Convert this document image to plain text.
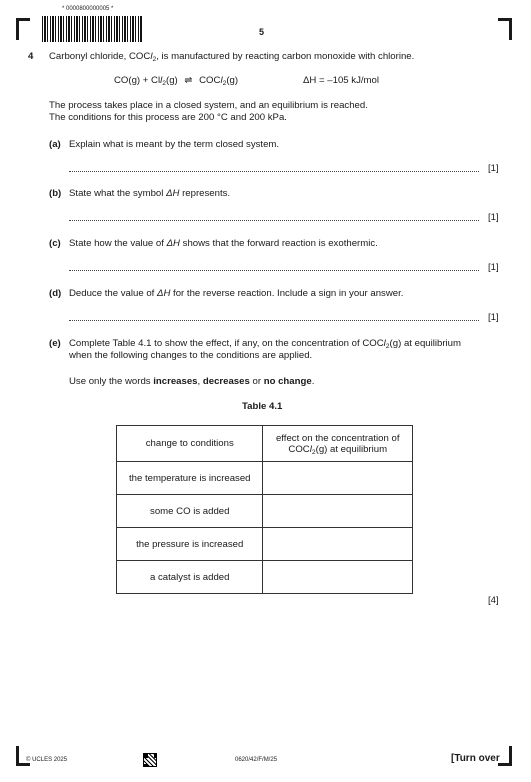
* 0000800000005 *
5
4 Carbonyl chloride, COCl$_2$, is manufactured by reacting carbon monoxide with chlorine.
CO(g) + Cll$_2$(g) ⇌ COCl$_2$(g)	ΔH = –105 kJ/mol
The process takes place in a closed system, and an equilibrium is reached.
The conditions for this process are 200 °C and 200 kPa.
(a) Explain what is meant by the term closed system.
[1]
(b) State what the symbol ΔH represents.
[1]
(c) State how the value of ΔH shows that the forward reaction is exothermic.
[1]
(d) Deduce the value of ΔH for the reverse reaction. Include a sign in your answer.
[1]
(e) Complete Table 4.1 to show the effect, if any, on the concentration of COCl$_2$(g) at equilibrium
when the following changes to the conditions are applied.
Use only the words increases, decreases or no change.
Table 4.1
change to conditions	effect on the concentration of
COCl$_2$(g) at equilibrium
the temperature is increased	
some CO is added	
the pressure is increased	
a catalyst is added	
[4]
© UCLES 2025	0620/42/F/M/25	[Turn over
